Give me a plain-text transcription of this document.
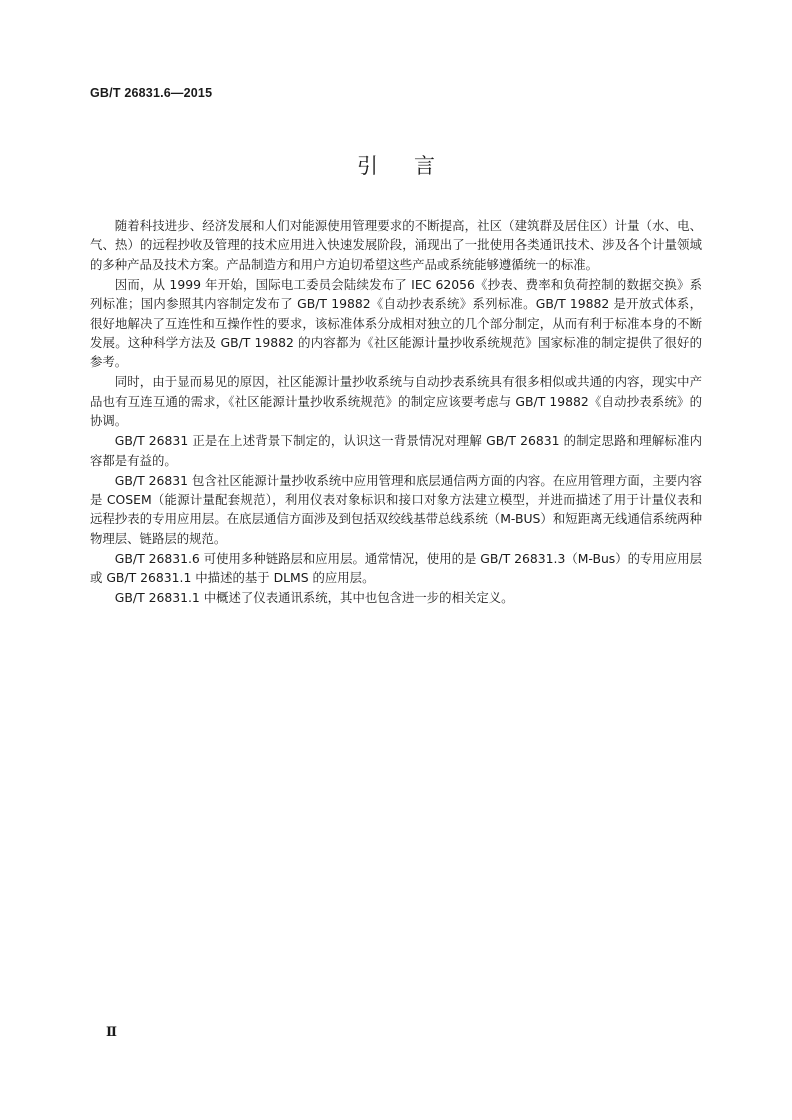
GB/T 26831.6—2015
引言

随着科技进步、经济发展和人们对能源使用管理要求的不断提高，社区（建筑群及居住区）计量（水、电、气、热）的远程抄收及管理的技术应用进入快速发展阶段，涌现出了一批使用各类通讯技术、涉及各个计量领域的多种产品及技术方案。产品制造方和用户方迫切希望这些产品或系统能够遵循统一的标准。

因而，从 1999 年开始，国际电工委员会陆续发布了 IEC 62056《抄表、费率和负荷控制的数据交换》系列标准；国内参照其内容制定发布了 GB/T 19882《自动抄表系统》系列标准。GB/T 19882 是开放式体系，很好地解决了互连性和互操作性的要求，该标准体系分成相对独立的几个部分制定，从而有利于标准本身的不断发展。这种科学方法及 GB/T 19882 的内容都为《社区能源计量抄收系统规范》国家标准的制定提供了很好的参考。

同时，由于显而易见的原因，社区能源计量抄收系统与自动抄表系统具有很多相似或共通的内容，现实中产品也有互连互通的需求，《社区能源计量抄收系统规范》的制定应该要考虑与 GB/T 19882《自动抄表系统》的协调。

GB/T 26831 正是在上述背景下制定的，认识这一背景情况对理解 GB/T 26831 的制定思路和理解标准内容都是有益的。

GB/T 26831 包含社区能源计量抄收系统中应用管理和底层通信两方面的内容。在应用管理方面，主要内容是 COSEM（能源计量配套规范），利用仪表对象标识和接口对象方法建立模型，并进而描述了用于计量仪表和远程抄表的专用应用层。在底层通信方面涉及到包括双绞线基带总线系统（M-BUS）和短距离无线通信系统两种物理层、链路层的规范。

GB/T 26831.6 可使用多种链路层和应用层。通常情况，使用的是 GB/T 26831.3（M-Bus）的专用应用层或 GB/T 26831.1 中描述的基于 DLMS 的应用层。

GB/T 26831.1 中概述了仪表通讯系统，其中也包含进一步的相关定义。

Ⅱ
